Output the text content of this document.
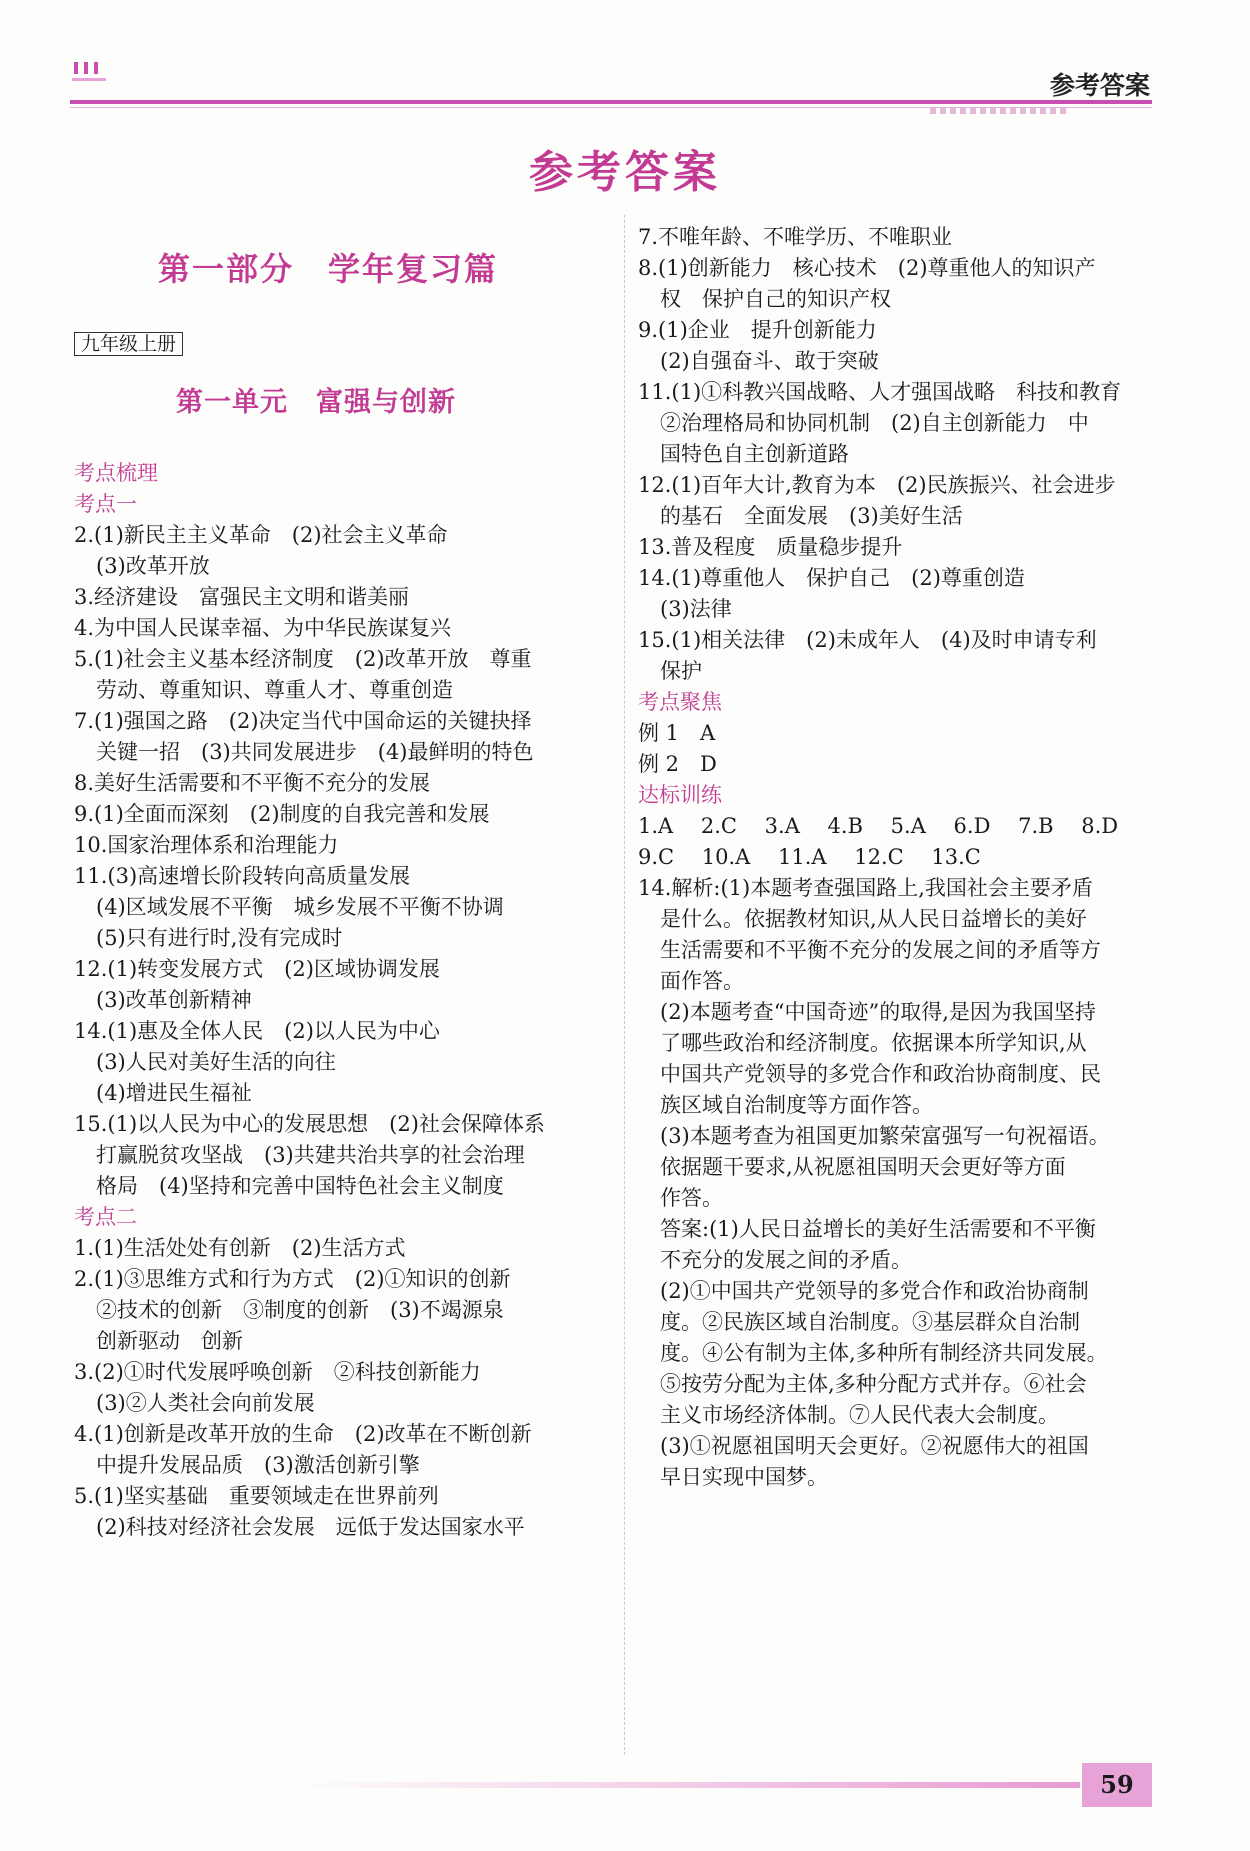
参考答案
参考答案
第一部分　学年复习篇
九年级上册
第一单元　富强与创新
考点梳理
考点一
2.(1)新民主主义革命　(2)社会主义革命
(3)改革开放
3.经济建设　富强民主文明和谐美丽
4.为中国人民谋幸福、为中华民族谋复兴
5.(1)社会主义基本经济制度　(2)改革开放　尊重
劳动、尊重知识、尊重人才、尊重创造
7.(1)强国之路　(2)决定当代中国命运的关键抉择
关键一招　(3)共同发展进步　(4)最鲜明的特色
8.美好生活需要和不平衡不充分的发展
9.(1)全面而深刻　(2)制度的自我完善和发展
10.国家治理体系和治理能力
11.(3)高速增长阶段转向高质量发展
(4)区域发展不平衡　城乡发展不平衡不协调
(5)只有进行时,没有完成时
12.(1)转变发展方式　(2)区域协调发展
(3)改革创新精神
14.(1)惠及全体人民　(2)以人民为中心
(3)人民对美好生活的向往
(4)增进民生福祉
15.(1)以人民为中心的发展思想　(2)社会保障体系
打赢脱贫攻坚战　(3)共建共治共享的社会治理
格局　(4)坚持和完善中国特色社会主义制度
考点二
1.(1)生活处处有创新　(2)生活方式
2.(1)③思维方式和行为方式　(2)①知识的创新
②技术的创新　③制度的创新　(3)不竭源泉
创新驱动　创新
3.(2)①时代发展呼唤创新　②科技创新能力
(3)②人类社会向前发展
4.(1)创新是改革开放的生命　(2)改革在不断创新
中提升发展品质　(3)激活创新引擎
5.(1)坚实基础　重要领域走在世界前列
(2)科技对经济社会发展　远低于发达国家水平
7.不唯年龄、不唯学历、不唯职业
8.(1)创新能力　核心技术　(2)尊重他人的知识产
权　保护自己的知识产权
9.(1)企业　提升创新能力
(2)自强奋斗、敢于突破
11.(1)①科教兴国战略、人才强国战略　科技和教育
②治理格局和协同机制　(2)自主创新能力　中
国特色自主创新道路
12.(1)百年大计,教育为本　(2)民族振兴、社会进步
的基石　全面发展　(3)美好生活
13.普及程度　质量稳步提升
14.(1)尊重他人　保护自己　(2)尊重创造
(3)法律
15.(1)相关法律　(2)未成年人　(4)及时申请专利
保护
考点聚焦
例 1　A
例 2　D
达标训练
1.A　 2.C　 3.A　 4.B　 5.A　 6.D　 7.B　 8.D
9.C　 10.A　 11.A　 12.C　 13.C
14.解析:(1)本题考查强国路上,我国社会主要矛盾
是什么。依据教材知识,从人民日益增长的美好
生活需要和不平衡不充分的发展之间的矛盾等方
面作答。
(2)本题考查“中国奇迹”的取得,是因为我国坚持
了哪些政治和经济制度。依据课本所学知识,从
中国共产党领导的多党合作和政治协商制度、民
族区域自治制度等方面作答。
(3)本题考查为祖国更加繁荣富强写一句祝福语。
依据题干要求,从祝愿祖国明天会更好等方面
作答。
答案:(1)人民日益增长的美好生活需要和不平衡
不充分的发展之间的矛盾。
(2)①中国共产党领导的多党合作和政治协商制
度。②民族区域自治制度。③基层群众自治制
度。④公有制为主体,多种所有制经济共同发展。
⑤按劳分配为主体,多种分配方式并存。⑥社会
主义市场经济体制。⑦人民代表大会制度。
(3)①祝愿祖国明天会更好。②祝愿伟大的祖国
早日实现中国梦。
59
